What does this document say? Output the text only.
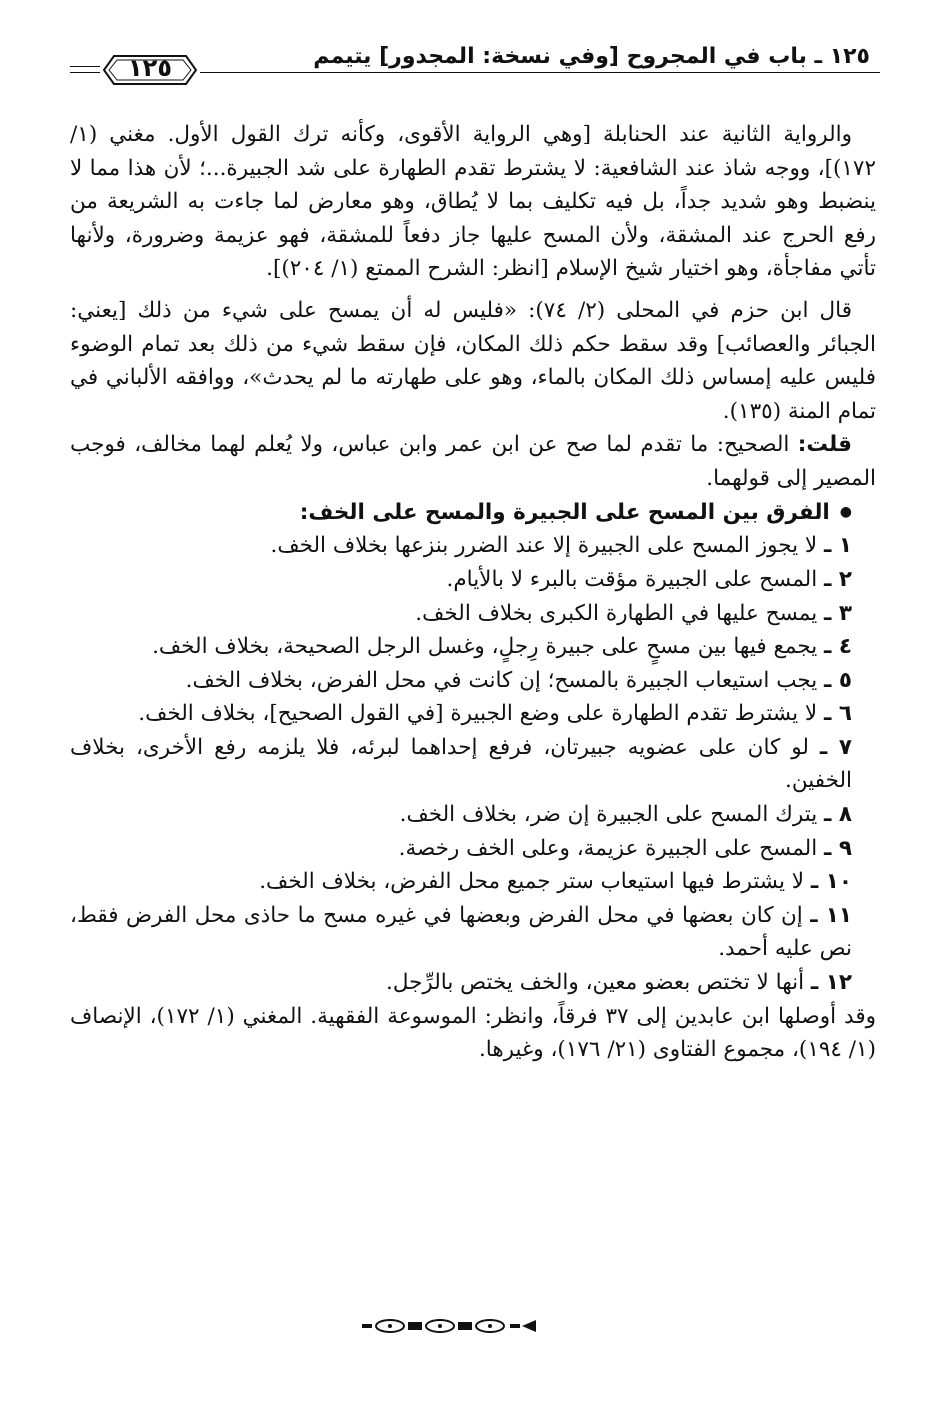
١٢٥ ـ باب في المجروح [وفي نسخة: المجدور] يتيمم
١٢٥

والرواية الثانية عند الحنابلة [وهي الرواية الأقوى، وكأنه ترك القول الأول. مغني (١/ ١٧٢)]، ووجه شاذ عند الشافعية: لا يشترط تقدم الطهارة على شد الجبيرة...؛ لأن هذا مما لا ينضبط وهو شديد جداً، بل فيه تكليف بما لا يُطاق، وهو معارض لما جاءت به الشريعة من رفع الحرج عند المشقة، ولأن المسح عليها جاز دفعاً للمشقة، فهو عزيمة وضرورة، ولأنها تأتي مفاجأة، وهو اختيار شيخ الإسلام [انظر: الشرح الممتع (١/ ٢٠٤)].

قال ابن حزم في المحلى (٢/ ٧٤): «فليس له أن يمسح على شيء من ذلك [يعني: الجبائر والعصائب] وقد سقط حكم ذلك المكان، فإن سقط شيء من ذلك بعد تمام الوضوء فليس عليه إمساس ذلك المكان بالماء، وهو على طهارته ما لم يحدث»، ووافقه الألباني في تمام المنة (١٣٥).

قلت: الصحيح: ما تقدم لما صح عن ابن عمر وابن عباس، ولا يُعلم لهما مخالف، فوجب المصير إلى قولهما.

●الفرق بين المسح على الجبيرة والمسح على الخف:

١ ـ لا يجوز المسح على الجبيرة إلا عند الضرر بنزعها بخلاف الخف.

٢ ـ المسح على الجبيرة مؤقت بالبرء لا بالأيام.

٣ ـ يمسح عليها في الطهارة الكبرى بخلاف الخف.

٤ ـ يجمع فيها بين مسحٍ على جبيرة رِجلٍ، وغسل الرجل الصحيحة، بخلاف الخف.

٥ ـ يجب استيعاب الجبيرة بالمسح؛ إن كانت في محل الفرض، بخلاف الخف.

٦ ـ لا يشترط تقدم الطهارة على وضع الجبيرة [في القول الصحيح]، بخلاف الخف.

٧ ـ لو كان على عضويه جبيرتان، فرفع إحداهما لبرئه، فلا يلزمه رفع الأخرى، بخلاف الخفين.

٨ ـ يترك المسح على الجبيرة إن ضر، بخلاف الخف.

٩ ـ المسح على الجبيرة عزيمة، وعلى الخف رخصة.

١٠ ـ لا يشترط فيها استيعاب ستر جميع محل الفرض، بخلاف الخف.

١١ ـ إن كان بعضها في محل الفرض وبعضها في غيره مسح ما حاذى محل الفرض فقط، نص عليه أحمد.

١٢ ـ أنها لا تختص بعضو معين، والخف يختص بالرِّجل.

وقد أوصلها ابن عابدين إلى ٣٧ فرقاً، وانظر: الموسوعة الفقهية. المغني (١/ ١٧٢)، الإنصاف (١/ ١٩٤)، مجموع الفتاوى (٢١/ ١٧٦)، وغيرها.
